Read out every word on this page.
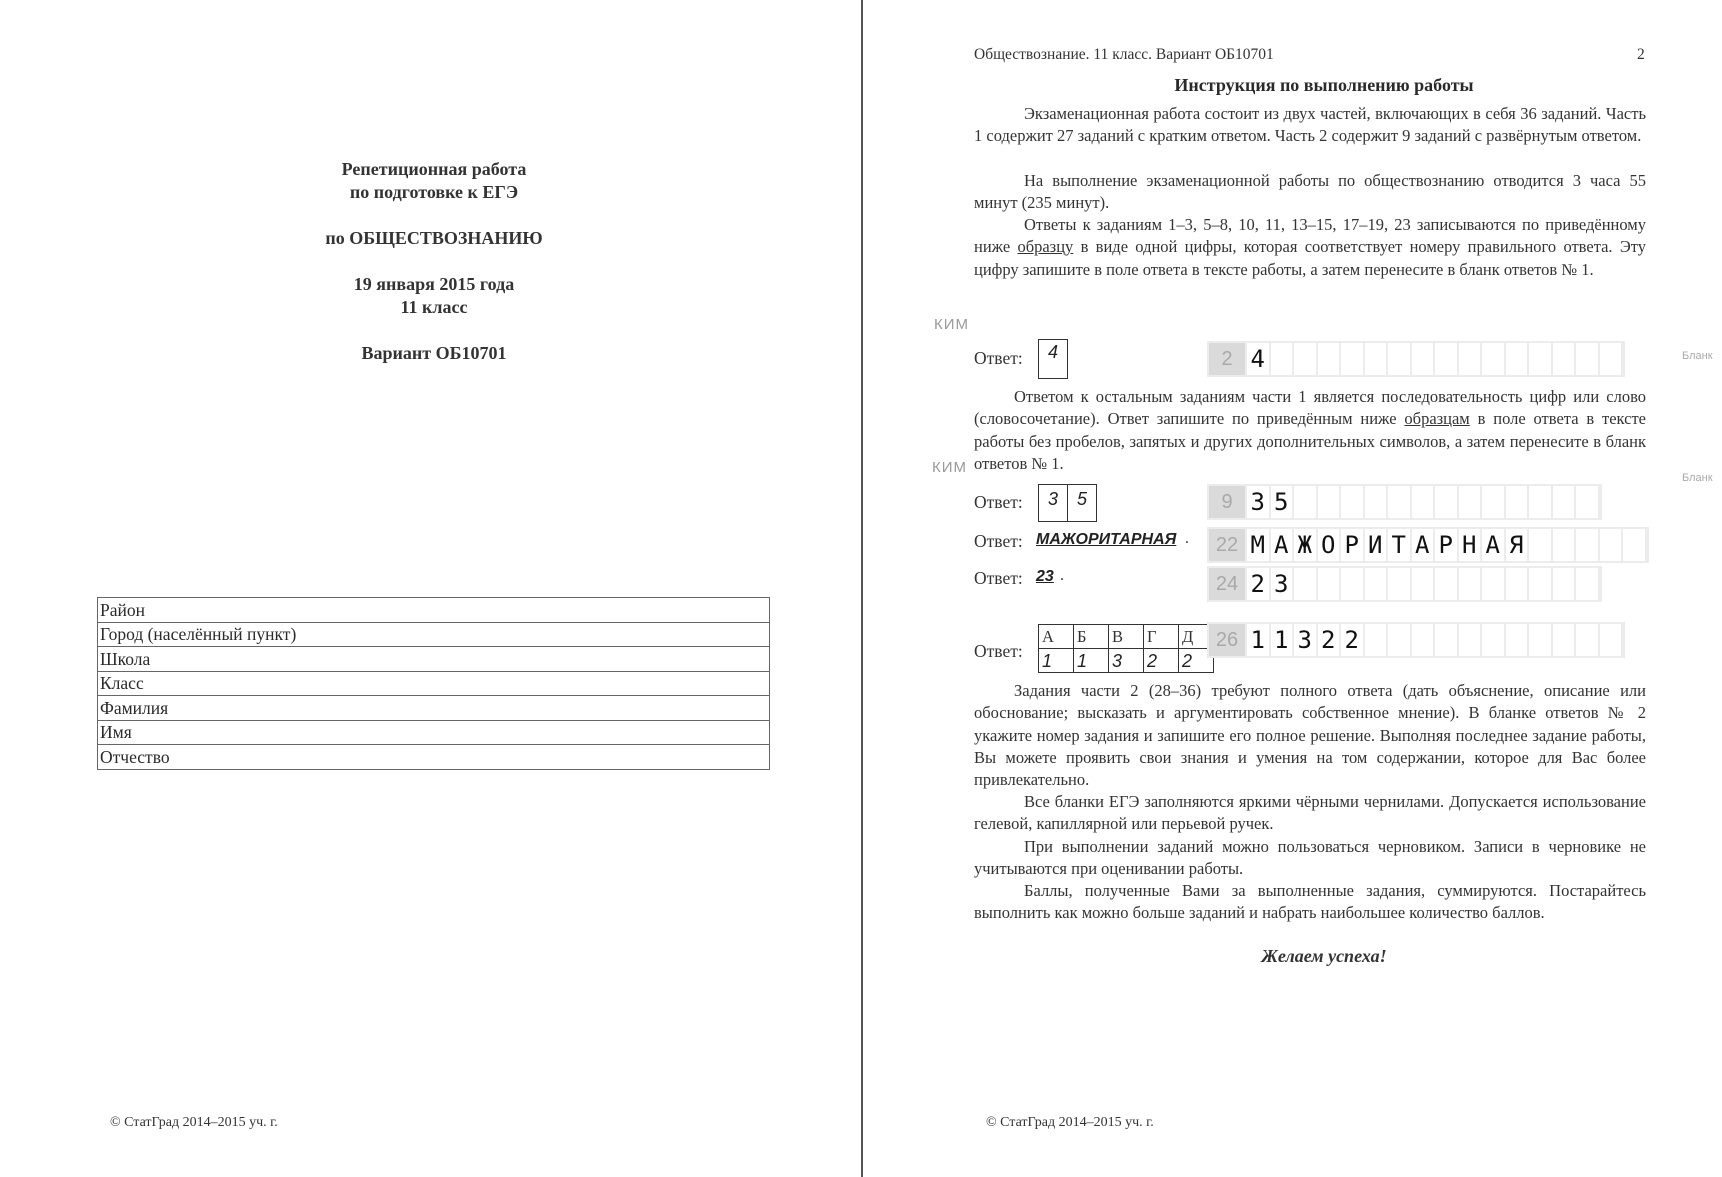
Репетиционная работа
по подготовке к ЕГЭ
по ОБЩЕСТВОЗНАНИЮ
19 января 2015 года
11 класс
Вариант ОБ10701
Район
Город (населённый пункт)
Школа
Класс
Фамилия
Имя
Отчество
© СтатГрад 2014–2015 уч. г.
Обществознание. 11 класс. Вариант ОБ10701	2
Инструкция по выполнению работы
Экзаменационная работа состоит из двух частей, включающих в себя 36 заданий. Часть 1 содержит 27 заданий с кратким ответом. Часть 2 содержит 9 заданий с развёрнутым ответом.
На выполнение экзаменационной работы по обществознанию отводится 3 часа 55 минут (235 минут).
Ответы к заданиям 1–3, 5–8, 10, 11, 13–15, 17–19, 23 записываются по приведённому ниже образцу в виде одной цифры, которая соответствует номеру правильного ответа. Эту цифру запишите в поле ответа в тексте работы, а затем перенесите в бланк ответов № 1.
КИМ
Бланк
Ответ:	4	2 4
Ответом к остальным заданиям части 1 является последовательность цифр или слово (словосочетание). Ответ запишите по приведённым ниже образцам в поле ответа в тексте работы без пробелов, запятых и других дополнительных символов, а затем перенесите в бланк ответов № 1.
КИМ
Бланк
Ответ:	3	5	9 3 5
Ответ: МАЖОРИТАРНАЯ .	22 М А Ж О Р И Т А Р Н А Я
Ответ: 23 .	24 2 3
Ответ:
А	Б	В	Г	Д
1	1	3	2	2
26 1 1 3 2 2
Задания части 2 (28–36) требуют полного ответа (дать объяснение, описание или обоснование; высказать и аргументировать собственное мнение). В бланке ответов № 2 укажите номер задания и запишите его полное решение. Выполняя последнее задание работы, Вы можете проявить свои знания и умения на том содержании, которое для Вас более привлекательно.
Все бланки ЕГЭ заполняются яркими чёрными чернилами. Допускается использование гелевой, капиллярной или перьевой ручек.
При выполнении заданий можно пользоваться черновиком. Записи в черновике не учитываются при оценивании работы.
Баллы, полученные Вами за выполненные задания, суммируются. Постарайтесь выполнить как можно больше заданий и набрать наибольшее количество баллов.
Желаем успеха!
© СтатГрад 2014–2015 уч. г.
